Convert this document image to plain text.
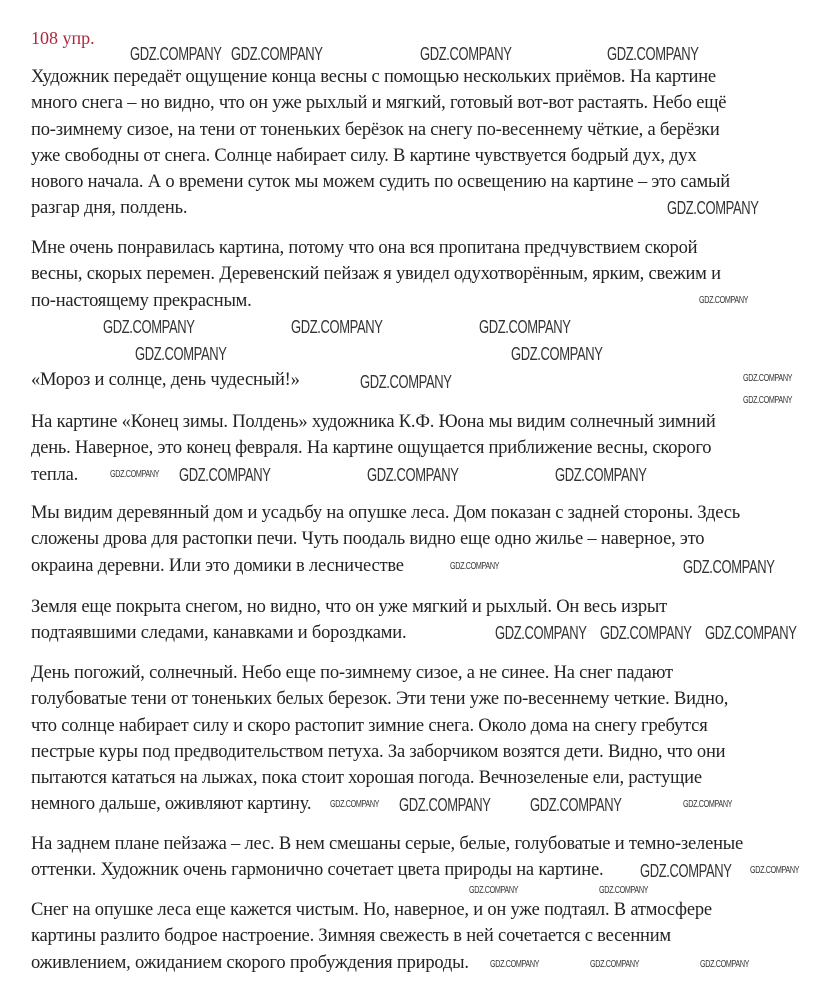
108 упр.
Художник передаёт ощущение конца весны с помощью нескольких приёмов. На картине
много снега – но видно, что он уже рыхлый и мягкий, готовый вот-вот растаять. Небо ещё
по-зимнему сизое, на тени от тоненьких берёзок на снегу по-весеннему чёткие, а берёзки
уже свободны от снега. Солнце набирает силу. В картине чувствуется бодрый дух, дух
нового начала. А о времени суток мы можем судить по освещению на картине – это самый
разгар дня, полдень.
Мне очень понравилась картина, потому что она вся пропитана предчувствием скорой
весны, скорых перемен. Деревенский пейзаж я увидел одухотворённым, ярким, свежим и
по-настоящему прекрасным.
«Мороз и солнце, день чудесный!»
На картине «Конец зимы. Полдень» художника К.Ф. Юона мы видим солнечный зимний
день. Наверное, это конец февраля. На картине ощущается приближение весны, скорого
тепла.
Мы видим деревянный дом и усадьбу на опушке леса. Дом показан с задней стороны. Здесь
сложены дрова для растопки печи. Чуть поодаль видно еще одно жилье – наверное, это
окраина деревни. Или это домики в лесничестве
Земля еще покрыта снегом, но видно, что он уже мягкий и рыхлый. Он весь изрыт
подтаявшими следами, канавками и бороздками.
День погожий, солнечный. Небо еще по-зимнему сизое, а не синее. На снег падают
голубоватые тени от тоненьких белых березок. Эти тени уже по-весеннему четкие. Видно,
что солнце набирает силу и скоро растопит зимние снега. Около дома на снегу гребутся
пестрые куры под предводительством петуха. За заборчиком возятся дети. Видно, что они
пытаются кататься на лыжах, пока стоит хорошая погода. Вечнозеленые ели, растущие
немного дальше, оживляют картину.
На заднем плане пейзажа – лес. В нем смешаны серые, белые, голубоватые и темно-зеленые
оттенки. Художник очень гармонично сочетает цвета природы на картине.
Снег на опушке леса еще кажется чистым. Но, наверное, и он уже подтаял. В атмосфере
картины разлито бодрое настроение. Зимняя свежесть в ней сочетается с весенним
оживлением, ожиданием скорого пробуждения природы.
GDZ.COMPANY GDZ.COMPANY	GDZ.COMPANY	GDZ.COMPANY
GDZ.COMPANY
GDZ.COMPANY	GDZ.COMPANY	GDZ.COMPANY
GDZ.COMPANY
GDZ.COMPANY	GDZ.COMPANY
GDZ.COMPANY	GDZ.COMPANY
GDZ.COMPANY
GDZ.COMPANY
GDZ.COMPANY GDZ.COMPANY	GDZ.COMPANY
GDZ.COMPANY	GDZ.COMPANY
GDZ.COMPANY GDZ.COMPANY GDZ.COMPANY
GDZ.COMPANY
GDZ.COMPANY GDZ.COMPANY GDZ.COMPANY
GDZ.COMPANY GDZ.COMPANY
GDZ.COMPANY	GDZ.COMPANY
GDZ.COMPANY	GDZ.COMPANY	GDZ.COMPANY
